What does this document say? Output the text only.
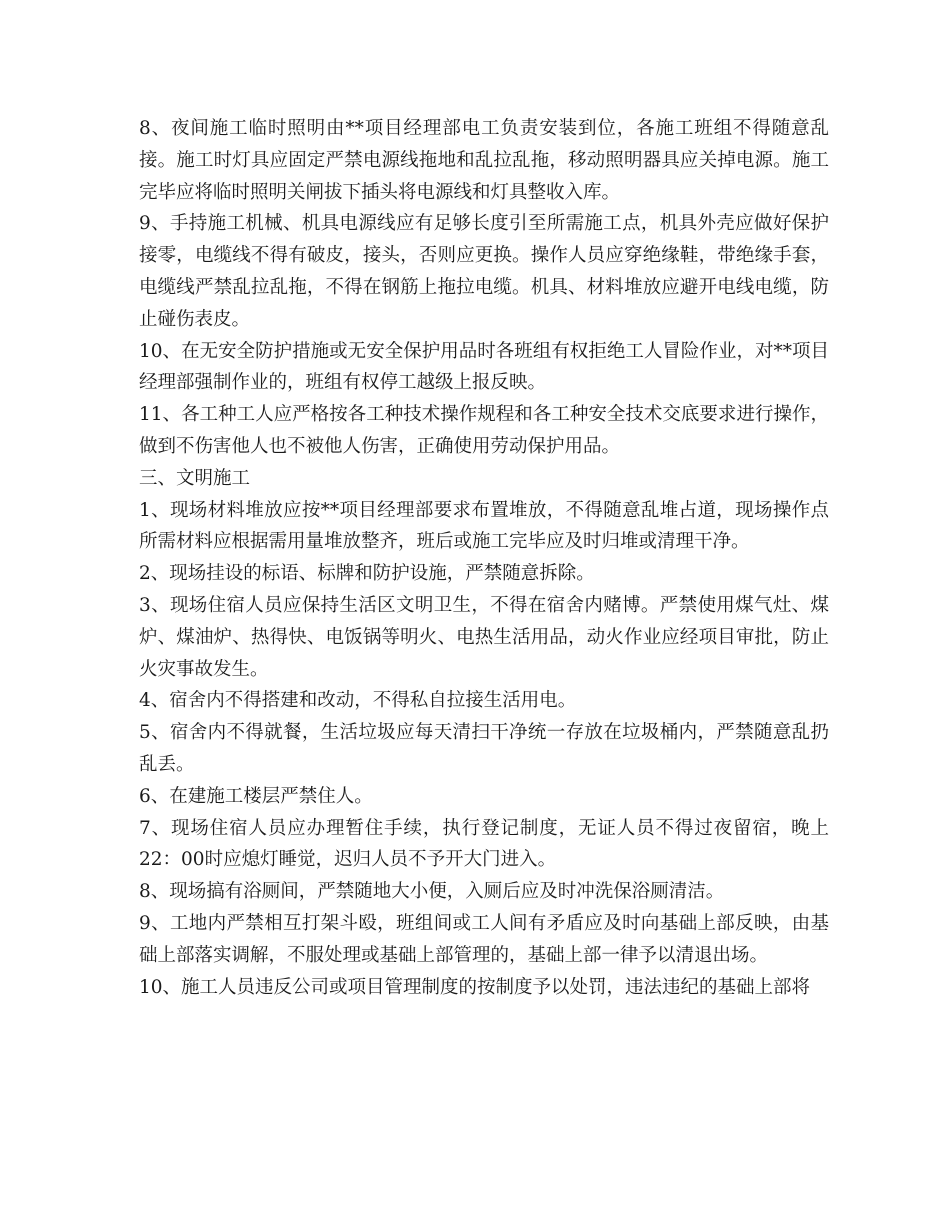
8、夜间施工临时照明由**项目经理部电工负责安装到位，各施工班组不得随意乱接。施工时灯具应固定严禁电源线拖地和乱拉乱拖，移动照明器具应关掉电源。施工完毕应将临时照明关闸拔下插头将电源线和灯具整收入库。

9、手持施工机械、机具电源线应有足够长度引至所需施工点，机具外壳应做好保护接零，电缆线不得有破皮，接头，否则应更换。操作人员应穿绝缘鞋，带绝缘手套，电缆线严禁乱拉乱拖，不得在钢筋上拖拉电缆。机具、材料堆放应避开电线电缆，防止碰伤表皮。

10、在无安全防护措施或无安全保护用品时各班组有权拒绝工人冒险作业，对**项目经理部强制作业的，班组有权停工越级上报反映。

11、各工种工人应严格按各工种技术操作规程和各工种安全技术交底要求进行操作，做到不伤害他人也不被他人伤害，正确使用劳动保护用品。

三、文明施工

1、现场材料堆放应按**项目经理部要求布置堆放，不得随意乱堆占道，现场操作点所需材料应根据需用量堆放整齐，班后或施工完毕应及时归堆或清理干净。

2、现场挂设的标语、标牌和防护设施，严禁随意拆除。

3、现场住宿人员应保持生活区文明卫生，不得在宿舍内赌博。严禁使用煤气灶、煤炉、煤油炉、热得快、电饭锅等明火、电热生活用品，动火作业应经项目审批，防止火灾事故发生。

4、宿舍内不得搭建和改动，不得私自拉接生活用电。

5、宿舍内不得就餐，生活垃圾应每天清扫干净统一存放在垃圾桶内，严禁随意乱扔乱丢。

6、在建施工楼层严禁住人。

7、现场住宿人员应办理暂住手续，执行登记制度，无证人员不得过夜留宿，晚上22：00时应熄灯睡觉，迟归人员不予开大门进入。

8、现场搞有浴厕间，严禁随地大小便，入厕后应及时冲洗保浴厕清洁。

9、工地内严禁相互打架斗殴，班组间或工人间有矛盾应及时向基础上部反映，由基础上部落实调解，不服处理或基础上部管理的，基础上部一律予以清退出场。

10、施工人员违反公司或项目管理制度的按制度予以处罚，违法违纪的基础上部将
